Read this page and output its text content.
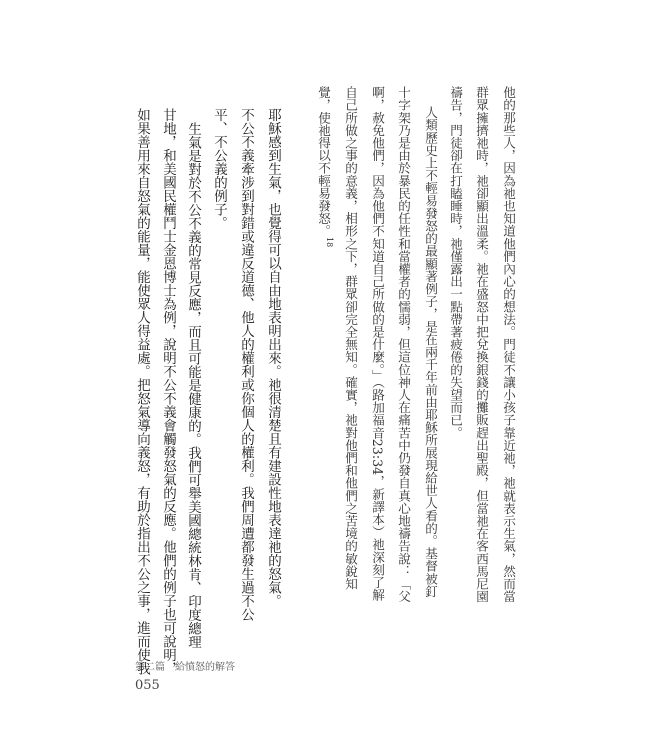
他的那些人，因為祂也知道他們內心的想法。門徒不讓小孩子靠近祂，祂就表示生氣，然而當
群眾擁擠祂時，祂卻顯出溫柔。祂在盛怒中把兌換銀錢的攤販趕出聖殿，但當祂在客西馬尼園
禱告，門徒卻在打瞌睡時，祂僅露出一點帶著疲倦的失望而已。
人類歷史上不輕易發怒的最顯著例子，是在兩千年前由耶穌所展現給世人看的。基督被釘
十字架乃是由於暴民的任性和當權者的懦弱，但這位神人在痛苦中仍發自真心地禱告說：「父
啊，赦免他們，因為他們不知道自己所做的是什麼。」（路加福音23:34，新譯本）祂深刻了解
自己所做之事的意義，相形之下，群眾卻完全無知。確實，祂對他們和他們之苦境的敏銳知
覺，使祂得以不輕易發怒。18
耶穌感到生氣，也覺得可以自由地表明出來。祂很清楚且有建設性地表達祂的怒氣。
不公不義牽涉到對錯或違反道德、他人的權利或你個人的權利。我們周遭都發生過不公
平、不公義的例子。
生氣是對於不公不義的常見反應，而且可能是健康的。我們可舉美國總統林肯、印度總理
甘地，和美國民權鬥士金恩博士為例，說明不公不義會觸發怒氣的反應。他們的例子也可說明，
如果善用來自怒氣的能量，能使眾人得益處。把怒氣導向義怒，有助於指出不公之事，進而使我
第二篇　給憤怒的解答
055
